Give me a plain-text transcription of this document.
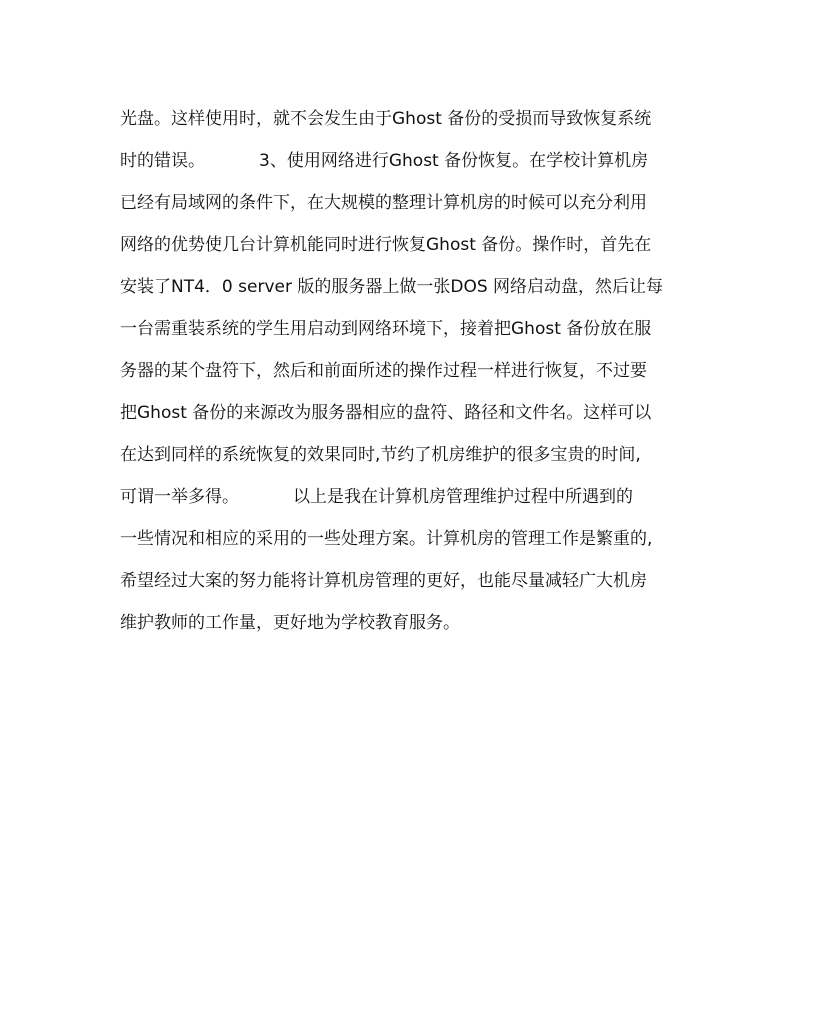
光盘。这样使用时，就不会发生由于Ghost 备份的受损而导致恢复系统
时的错误。          3、使用网络进行Ghost 备份恢复。在学校计算机房
已经有局域网的条件下，在大规模的整理计算机房的时候可以充分利用
网络的优势使几台计算机能同时进行恢复Ghost 备份。操作时，首先在
安装了NT4．0 server 版的服务器上做一张DOS 网络启动盘，然后让每
一台需重装系统的学生用启动到网络环境下，接着把Ghost 备份放在服
务器的某个盘符下，然后和前面所述的操作过程一样进行恢复，不过要
把Ghost 备份的来源改为服务器相应的盘符、路径和文件名。这样可以
在达到同样的系统恢复的效果同时,节约了机房维护的很多宝贵的时间,
可谓一举多得。          以上是我在计算机房管理维护过程中所遇到的
一些情况和相应的采用的一些处理方案。计算机房的管理工作是繁重的,
希望经过大案的努力能将计算机房管理的更好，也能尽量减轻广大机房
维护教师的工作量，更好地为学校教育服务。
